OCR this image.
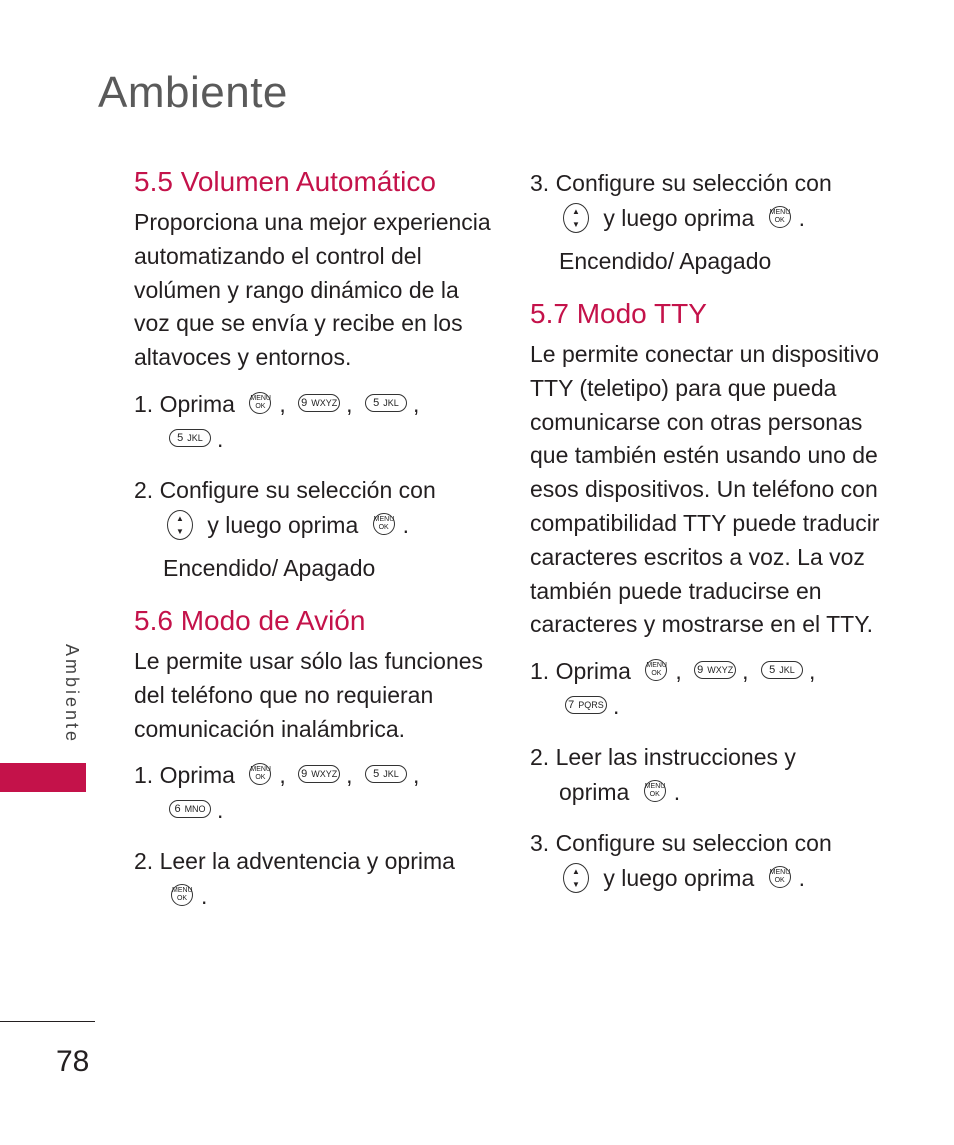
Ambiente
5.5 Volumen Automático

Proporciona una mejor experiencia automatizando el control del volúmen y rango dinámico de la voz que se envía y recibe en los altavoces y entornos.

1. Oprima MENU
OK , 9 WXYZ , 5 JKL ,
5 JKL .
2. Configure su selección con
▲
▼ y luego oprima MENU
OK .
Encendido/ Apagado
5.6 Modo de Avión

Le permite usar sólo las funciones del teléfono que no requieran comunicación inalámbrica.

1. Oprima MENU
OK , 9 WXYZ , 5 JKL ,
6 MNO .
2. Leer la adventencia y oprima
MENU
OK .
3. Configure su selección con
▲
▼ y luego oprima MENU
OK .
Encendido/ Apagado
5.7 Modo TTY

Le permite conectar un dispositivo TTY (teletipo) para que pueda comunicarse con otras personas que también estén usando uno de esos dispositivos. Un teléfono con compatibilidad TTY puede traducir caracteres escritos a voz. La voz también puede traducirse en caracteres y mostrarse en el TTY.

1. Oprima MENU
OK , 9 WXYZ , 5 JKL ,
7 PQRS .
2. Leer las instrucciones y
oprima MENU
OK .
3. Configure su seleccion con
▲
▼ y luego oprima MENU
OK .
Ambiente
78
